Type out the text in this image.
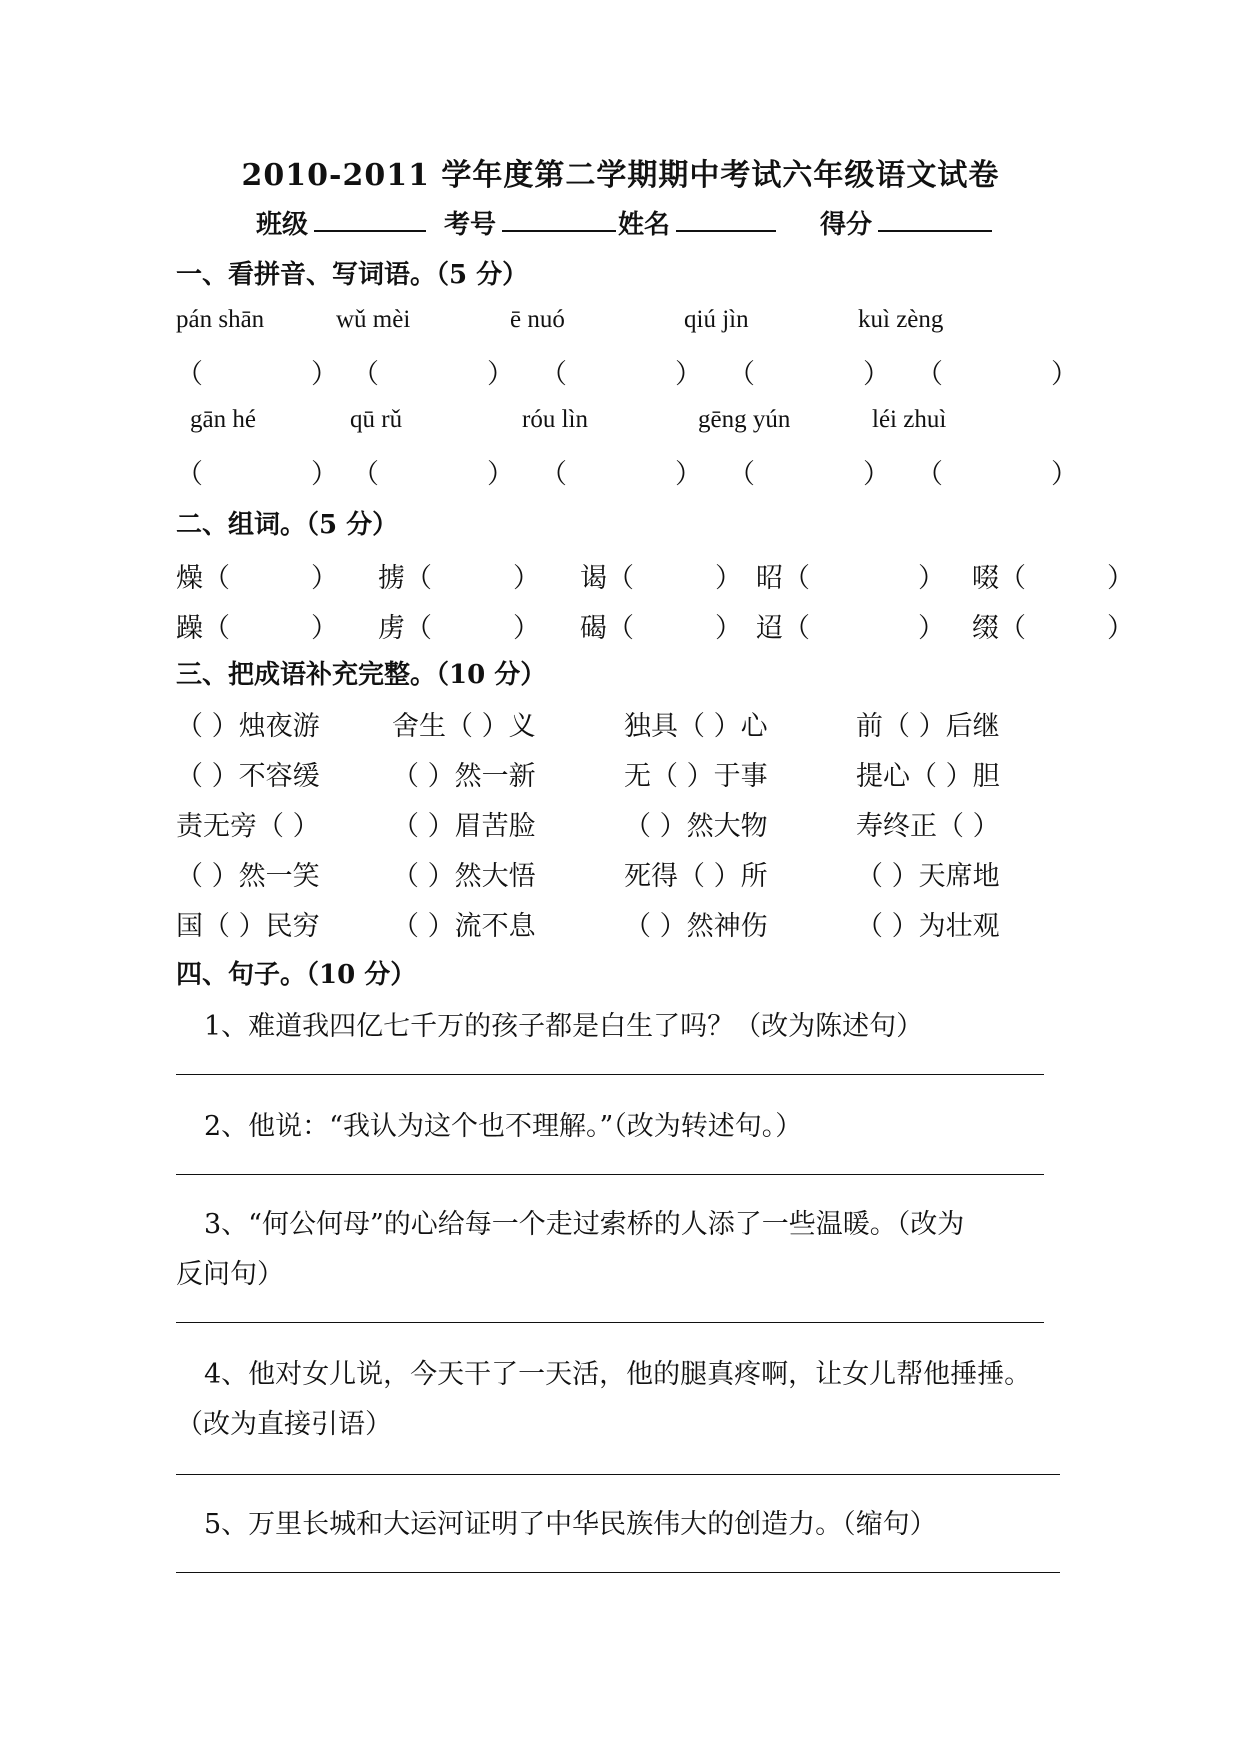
2010-2011 学年度第二学期期中考试六年级语文试卷
班级	考号	姓名	得分
一、看拼音、写词语。（5 分）
pán shān	wǔ mèi	ē nuó	qiú jìn	kuì zèng
（    ） （    ） （    ） （    ） （    ）
gān hé	qū rǔ	róu lìn	gēng yún	léi zhuì
（    ） （    ） （    ） （    ） （    ）
二、组词。（5 分）
燥（   ） 掳（   ） 谒（   ） 昭（    ） 啜（   ）
躁（   ） 虏（   ） 碣（   ） 迢（    ） 缀（   ）
三、把成语补充完整。（10 分）
（ ）烛夜游	舍生（ ）义	独具（ ）心	前（ ）后继
（ ）不容缓	（ ）然一新	无（ ）于事	提心（ ）胆
责无旁（ ）	（ ）眉苦脸	（ ）然大物	寿终正（ ）
（ ）然一笑	（ ）然大悟	死得（ ）所	（ ）天席地
国（ ）民穷	（ ）流不息	（ ）然神伤	（ ）为壮观
四、句子。（10 分）
1、难道我四亿七千万的孩子都是白生了吗？（改为陈述句）
2、他说：“我认为这个也不理解。”（改为转述句。）
3、“何公何母”的心给每一个走过索桥的人添了一些温暖。（改为
反问句）
4、他对女儿说，今天干了一天活，他的腿真疼啊，让女儿帮他捶捶。
（改为直接引语）
5、万里长城和大运河证明了中华民族伟大的创造力。（缩句）
